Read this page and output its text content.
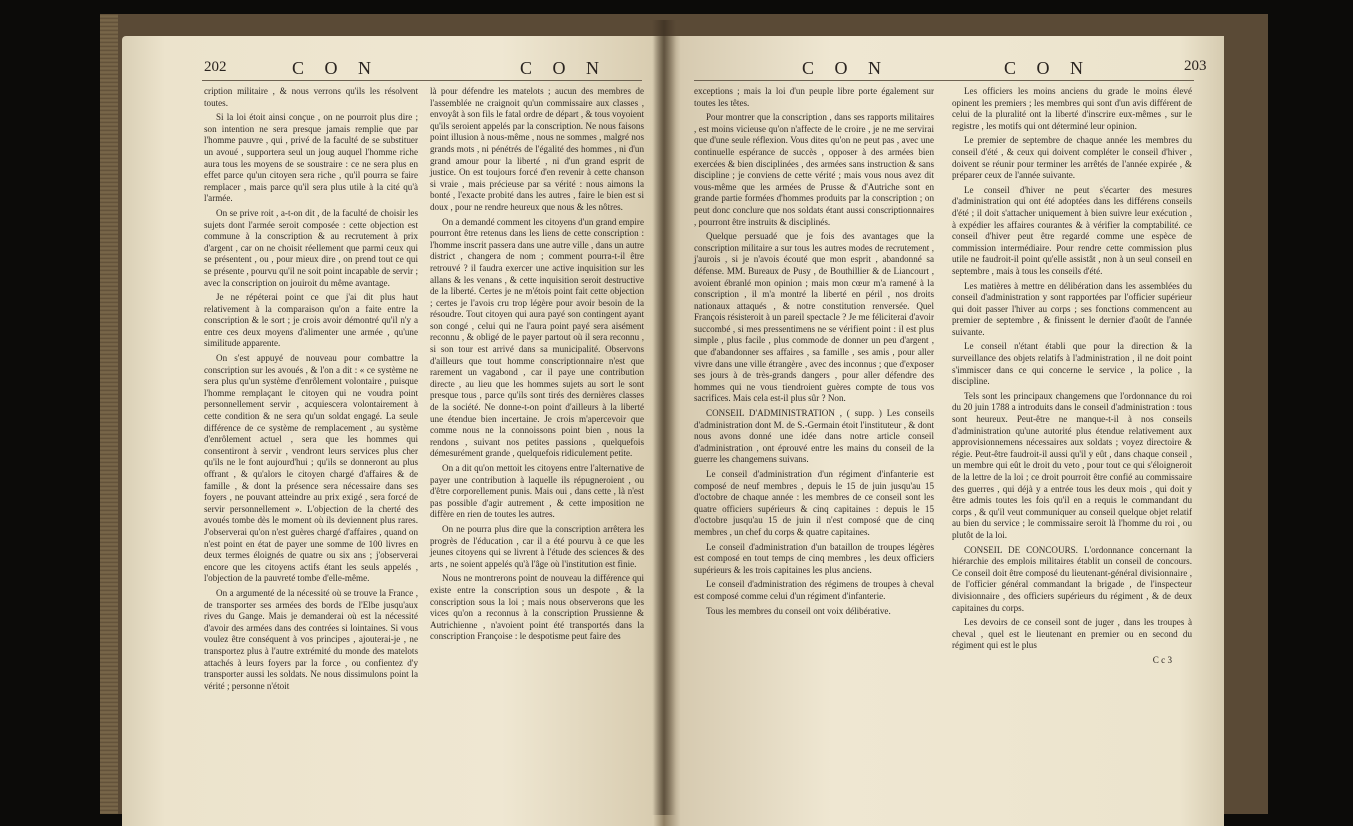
202	C O N	C O N

cription militaire , & nous verrons qu'ils les résolvent toutes.

Si la loi étoit ainsi conçue , on ne pourroit plus dire ; son intention ne sera presque jamais remplie que par l'homme pauvre , qui , privé de la faculté de se substituer un avoué , supportera seul un joug auquel l'homme riche aura tous les moyens de se soustraire : ce ne sera plus en effet parce qu'un citoyen sera riche , qu'il pourra se faire remplacer , mais parce qu'il sera plus utile à la cité qu'à l'armée.

On se prive roit , a-t-on dit , de la faculté de choisir les sujets dont l'armée seroit composée : cette objection est commune à la conscription & au recrutement à prix d'argent , car on ne choisit réellement que parmi ceux qui se présentent , ou , pour mieux dire , on prend tout ce qui se présente , pourvu qu'il ne soit point incapable de servir ; avec la conscription on jouiroit du même avantage.

Je ne répéterai point ce que j'ai dit plus haut relativement à la comparaison qu'on a faite entre la conscription & le sort ; je crois avoir démontré qu'il n'y a entre ces deux moyens d'alimenter une armée , qu'une similitude apparente.

On s'est appuyé de nouveau pour combattre la conscription sur les avoués , & l'on a dit : « ce système ne sera plus qu'un système d'enrôlement volontaire , puisque l'homme remplaçant le citoyen qui ne voudra point personnellement servir , acquiescera volontairement à cette condition & ne sera qu'un soldat engagé. La seule différence de ce système de remplacement , au système d'enrôlement actuel , sera que les hommes qui consentiront à servir , vendront leurs services plus cher qu'ils ne le font aujourd'hui ; qu'ils se donneront au plus offrant , & qu'alors le citoyen chargé d'affaires & de famille , & dont la présence sera nécessaire dans ses foyers , ne pouvant atteindre au prix exigé , sera forcé de servir personnellement ». L'objection de la cherté des avoués tombe dès le moment où ils deviennent plus rares. J'observerai qu'on n'est guères chargé d'affaires , quand on n'est point en état de payer une somme de 100 livres en deux termes éloignés de quatre ou six ans ; j'observerai encore que les citoyens actifs étant les seuls appelés , l'objection de la pauvreté tombe d'elle-même.

On a argumenté de la nécessité où se trouve la France , de transporter ses armées des bords de l'Elbe jusqu'aux rives du Gange. Mais je demanderai où est la nécessité d'avoir des armées dans des contrées si lointaines. Si vous voulez être conséquent à vos principes , ajouterai-je , ne transportez plus à l'autre extrémité du monde des matelots attachés à leurs foyers par la force , ou confientez d'y transporter aussi les soldats. Ne nous dissimulons point la vérité ; personne n'étoit

là pour défendre les matelots ; aucun des membres de l'assemblée ne craignoit qu'un commissaire aux classes , envoyât à son fils le fatal ordre de départ , & tous voyoient qu'ils seroient appelés par la conscription. Ne nous faisons point illusion à nous-même , nous ne sommes , malgré nos grands mots , ni pénétrés de l'égalité des hommes , ni d'un grand amour pour la liberté , ni d'un grand esprit de justice. On est toujours forcé d'en revenir à cette chanson si vraie , mais précieuse par sa vérité : nous aimons la bonté , l'exacte probité dans les autres , faire le bien est si doux , pour ne rendre heureux que nous & les nôtres.

On a demandé comment les citoyens d'un grand empire pourront être retenus dans les liens de cette conscription : l'homme inscrit passera dans une autre ville , dans un autre district , changera de nom ; comment pourra-t-il être retrouvé ? il faudra exercer une active inquisition sur les allans & les venans , & cette inquisition seroit destructive de la liberté. Certes je ne m'étois point fait cette objection ; certes je l'avois cru trop légère pour avoir besoin de la résoudre. Tout citoyen qui aura payé son contingent ayant son congé , celui qui ne l'aura point payé sera aisément reconnu , & obligé de le payer partout où il sera reconnu , si son tour est arrivé dans sa municipalité. Observons d'ailleurs que tout homme conscriptionnaire n'est que rarement un vagabond , car il paye une contribution directe , au lieu que les hommes sujets au sort le sont presque tous , parce qu'ils sont tirés des dernières classes de la société. Ne donne-t-on point d'ailleurs à la liberté une étendue bien incertaine. Je crois m'apercevoir que comme nous ne la connoissons point bien , nous la rendons , suivant nos petites passions , quelquefois démesurément grande , quelquefois ridiculement petite.

On a dit qu'on mettoit les citoyens entre l'alternative de payer une contribution à laquelle ils répugneroient , ou d'être corporellement punis. Mais oui , dans cette , là n'est pas possible d'agir autrement , & cette imposition ne diffère en rien de toutes les autres.

On ne pourra plus dire que la conscription arrêtera les progrès de l'éducation , car il a été pourvu à ce que les jeunes citoyens qui se livrent à l'étude des sciences & des arts , ne soient appelés qu'à l'âge où l'institution est finie.

Nous ne montrerons point de nouveau la différence qui existe entre la conscription sous un despote , & la conscription sous la loi ; mais nous observerons que les vices qu'on a reconnus à la conscription Prussienne & Autrichienne , n'avoient point été transportés dans la conscription Françoise : le despotisme peut faire des

C O N	C O N	203

exceptions ; mais la loi d'un peuple libre porte également sur toutes les têtes.

Pour montrer que la conscription , dans ses rapports militaires , est moins vicieuse qu'on n'affecte de le croire , je ne me servirai que d'une seule réflexion. Vous dites qu'on ne peut pas , avec une continuelle espérance de succès , opposer à des armées bien exercées & bien disciplinées , des armées sans instruction & sans discipline ; je conviens de cette vérité ; mais vous nous avez dit vous-même que les armées de Prusse & d'Autriche sont en grande partie formées d'hommes produits par la conscription ; on peut donc conclure que nos soldats étant aussi conscriptionnaires , pourront être instruits & disciplinés.

Quelque persuadé que je fois des avantages que la conscription militaire a sur tous les autres modes de recrutement , j'aurois , si je n'avois écouté que mon esprit , abandonné sa défense. MM. Bureaux de Pusy , de Bouthillier & de Liancourt , avoient ébranlé mon opinion ; mais mon cœur m'a ramené à la conscription , il m'a montré la liberté en péril , nos droits nationaux attaqués , & notre constitution renversée. Quel François résisteroit à un pareil spectacle ? Je me féliciterai d'avoir succombé , si mes pressentimens ne se vérifient point : il est plus simple , plus facile , plus commode de donner un peu d'argent , que d'abandonner ses affaires , sa famille , ses amis , pour aller vivre dans une ville étrangère , avec des inconnus ; que d'exposer ses jours à de très-grands dangers , pour aller défendre des hommes qui ne vous tiendroient guères compte de tous vos sacrifices. Mais cela est-il plus sûr ? Non.

CONSEIL D'ADMINISTRATION , ( supp. ) Les conseils d'administration dont M. de S.-Germain étoit l'instituteur , & dont nous avons donné une idée dans notre article conseil d'administration , ont éprouvé entre les mains du conseil de la guerre les changemens suivans.

Le conseil d'administration d'un régiment d'infanterie est composé de neuf membres , depuis le 15 de juin jusqu'au 15 d'octobre de chaque année : les membres de ce conseil sont les quatre officiers supérieurs & cinq capitaines : depuis le 15 d'octobre jusqu'au 15 de juin il n'est composé que de cinq membres , un chef du corps & quatre capitaines.

Le conseil d'administration d'un bataillon de troupes légères est composé en tout temps de cinq membres , les deux officiers supérieurs & les trois capitaines les plus anciens.

Le conseil d'administration des régimens de troupes à cheval est composé comme celui d'un régiment d'infanterie.

Tous les membres du conseil ont voix délibérative.

Les officiers les moins anciens du grade le moins élevé opinent les premiers ; les membres qui sont d'un avis différent de celui de la pluralité ont la liberté d'inscrire eux-mêmes , sur le registre , les motifs qui ont déterminé leur opinion.

Le premier de septembre de chaque année les membres du conseil d'été , & ceux qui doivent compléter le conseil d'hiver , doivent se réunir pour terminer les arrêtés de l'année expirée , & préparer ceux de l'année suivante.

Le conseil d'hiver ne peut s'écarter des mesures d'administration qui ont été adoptées dans les différens conseils d'été ; il doit s'attacher uniquement à bien suivre leur exécution , à expédier les affaires courantes & à vérifier la comptabilité. ce conseil d'hiver peut être regardé comme une espèce de commission intermédiaire. Pour rendre cette commission plus utile ne faudroit-il point qu'elle assistât , non à un seul conseil en septembre , mais à tous les conseils d'été.

Les matières à mettre en délibération dans les assemblées du conseil d'administration y sont rapportées par l'officier supérieur qui doit passer l'hiver au corps ; ses fonctions commencent au premier de septembre , & finissent le dernier d'août de l'année suivante.

Le conseil n'étant établi que pour la direction & la surveillance des objets relatifs à l'administration , il ne doit point s'immiscer dans ce qui concerne le service , la police , la discipline.

Tels sont les principaux changemens que l'ordonnance du roi du 20 juin 1788 a introduits dans le conseil d'administration : tous sont heureux. Peut-être ne manque-t-il à nos conseils d'administration qu'une autorité plus étendue relativement aux approvisionnemens nécessaires aux soldats ; voyez directoire & régie. Peut-être faudroit-il aussi qu'il y eût , dans chaque conseil , un membre qui eût le droit du veto , pour tout ce qui s'éloigneroit de la lettre de la loi ; ce droit pourroit être confié au commissaire des guerres , qui déjà y a entrée tous les deux mois , qui doit y être admis toutes les fois qu'il en a requis le commandant du corps , & qu'il veut communiquer au conseil quelque objet relatif au bien du service ; le commissaire seroit là l'homme du roi , ou plutôt de la loi.

CONSEIL DE CONCOURS. L'ordonnance concernant la hiérarchie des emplois militaires établit un conseil de concours. Ce conseil doit être composé du lieutenant-général divisionnaire , de l'officier général commandant la brigade , de l'inspecteur divisionnaire , des officiers supérieurs du régiment , & de deux capitaines du corps.

Les devoirs de ce conseil sont de juger , dans les troupes à cheval , quel est le lieutenant en premier ou en second du régiment qui est le plus

C c 3
